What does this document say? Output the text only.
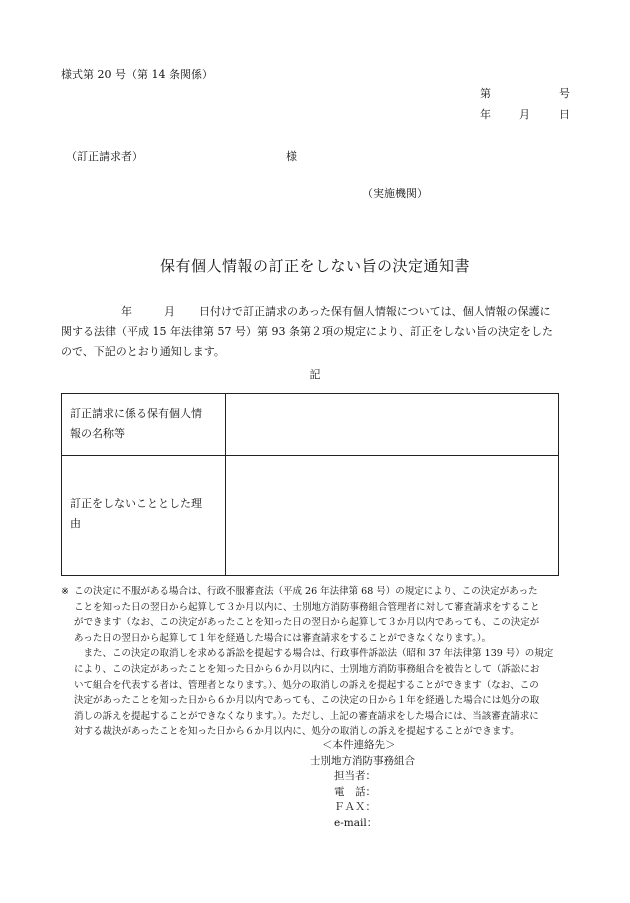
様式第 20 号（第 14 条関係）
第	号
年	月	日
（訂正請求者）	様
（実施機関）
保有個人情報の訂正をしない旨の決定通知書
年	月 日付けで訂正請求のあった保有個人情報については、個人情報の保護に
関する法律（平成 15 年法律第 57 号）第 93 条第２項の規定により、訂正をしない旨の決定をした
ので、下記のとおり通知します。
記
訂正請求に係る保有個人情
報の名称等
訂正をしないこととした理
由
※ この決定に不服がある場合は、行政不服審査法（平成 26 年法律第 68 号）の規定により、この決定があった
ことを知った日の翌日から起算して３か月以内に、士別地方消防事務組合管理者に対して審査請求をすること
ができます（なお、この決定があったことを知った日の翌日から起算して３か月以内であっても、この決定が
あった日の翌日から起算して１年を経過した場合には審査請求をすることができなくなります。）。
　また、この決定の取消しを求める訴訟を提起する場合は、行政事件訴訟法（昭和 37 年法律第 139 号）の規定
により、この決定があったことを知った日から６か月以内に、士別地方消防事務組合を被告として（訴訟にお
いて組合を代表する者は、管理者となります。）、処分の取消しの訴えを提起することができます（なお、この
決定があったことを知った日から６か月以内であっても、この決定の日から１年を経過した場合には処分の取
消しの訴えを提起することができなくなります。）。ただし、上記の審査請求をした場合には、当該審査請求に
対する裁決があったことを知った日から６か月以内に、処分の取消しの訴えを提起することができます。
＜本件連絡先＞
士別地方消防事務組合
担当者：
電　話：
ＦＡＸ：
e-mail：
